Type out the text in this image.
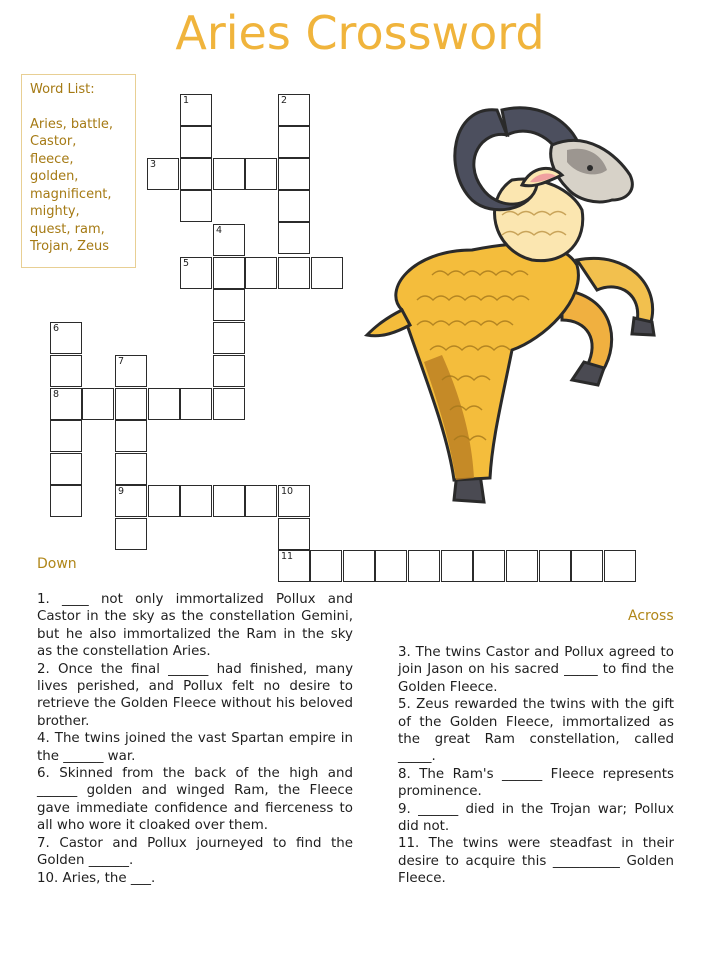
Aries Crossword
Word List:
Aries, battle,
Castor,
fleece,
golden,
magnificent,
mighty,
quest, ram,
Trojan, Zeus
1	2
3
4
5
6
7
8
9	10
11
Down
Across

1. ____ not only immortalized Pollux and Castor in the sky as the constellation Gemini, but he also immortalized the Ram in the sky as the constellation Aries.

2. Once the final ______ had finished, many lives perished, and Pollux felt no desire to retrieve the Golden Fleece without his beloved brother.

4. The twins joined the vast Spartan empire in the ______ war.

6. Skinned from the back of the high and ______ golden and winged Ram, the Fleece gave immediate confidence and fierceness to all who wore it cloaked over them.

7. Castor and Pollux journeyed to find the Golden ______.

10. Aries, the ___.

3. The twins Castor and Pollux agreed to join Jason on his sacred _____ to find the Golden Fleece.

5. Zeus rewarded the twins with the gift of the Golden Fleece, immortalized as the great Ram constellation, called _____.

8. The Ram's ______ Fleece represents prominence.

9. ______ died in the Trojan war; Pollux did not.

11. The twins were steadfast in their desire to acquire this __________ Golden Fleece.
